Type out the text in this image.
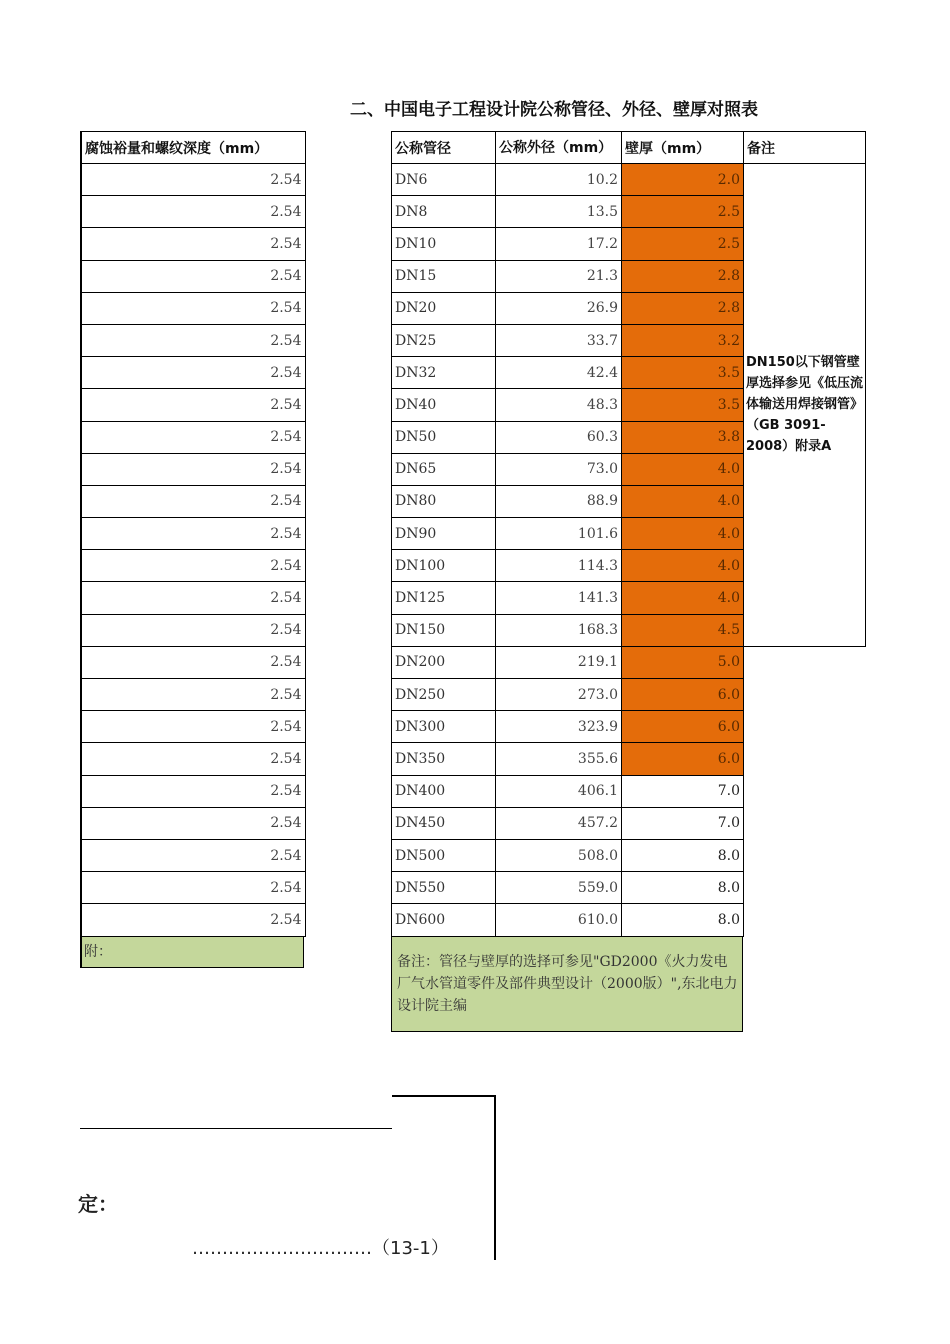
二、中国电子工程设计院公称管径、外径、壁厚对照表
腐蚀裕量和螺纹深度（mm）
2.54
2.54
2.54
2.54
2.54
2.54
2.54
2.54
2.54
2.54
2.54
2.54
2.54
2.54
2.54
2.54
2.54
2.54
2.54
2.54
2.54
2.54
2.54
2.54
附：
公称管径	公称外径（mm）	壁厚（mm）	备注
DN6	10.2	2.0	DN150以下钢管壁厚选择参见《低压流体输送用焊接钢管》（GB 3091-2008）附录A
DN8	13.5	2.5	
DN10	17.2	2.5	
DN15	21.3	2.8	
DN20	26.9	2.8	
DN25	33.7	3.2	
DN32	42.4	3.5	
DN40	48.3	3.5	
DN50	60.3	3.8	
DN65	73.0	4.0	
DN80	88.9	4.0	
DN90	101.6	4.0	
DN100	114.3	4.0	
DN125	141.3	4.0	
DN150	168.3	4.5	
DN200	219.1	5.0	
DN250	273.0	6.0	
DN300	323.9	6.0	
DN350	355.6	6.0	
DN400	406.1	7.0	
DN450	457.2	7.0	
DN500	508.0	8.0	
DN550	559.0	8.0	
DN600	610.0	8.0	
备注：管径与壁厚的选择可参见"GD2000《火力发电厂气水管道零件及部件典型设计（2000版）",东北电力设计院主编
定：
…………………………（13-1）
